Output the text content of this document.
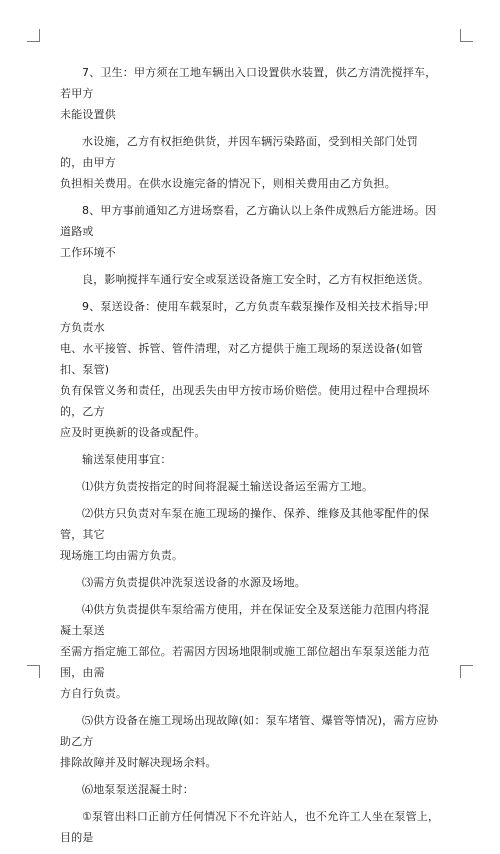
7、卫生：甲方须在工地车辆出入口设置供水装置，供乙方清洗搅拌车，若甲方
未能设置供

水设施，乙方有权拒绝供货，并因车辆污染路面，受到相关部门处罚的，由甲方
负担相关费用。在供水设施完备的情况下，则相关费用由乙方负担。

8、甲方事前通知乙方进场察看，乙方确认以上条件成熟后方能进场。因道路或
工作环境不

良，影响搅拌车通行安全或泵送设备施工安全时，乙方有权拒绝送货。

9、泵送设备：使用车载泵时，乙方负责车载泵操作及相关技术指导;甲方负责水
电、水平接管、拆管、管件清理，对乙方提供于施工现场的泵送设备(如管扣、泵管)
负有保管义务和责任，出现丢失由甲方按市场价赔偿。使用过程中合理损坏的，乙方
应及时更换新的设备或配件。

输送泵使用事宜：

⑴供方负责按指定的时间将混凝土输送设备运至需方工地。

⑵供方只负责对车泵在施工现场的操作、保养、维修及其他零配件的保管，其它
现场施工均由需方负责。

⑶需方负责提供冲洗泵送设备的水源及场地。

⑷供方负责提供车泵给需方使用，并在保证安全及泵送能力范围内将混凝土泵送
至需方指定施工部位。若需因方因场地限制或施工部位超出车泵泵送能力范围，由需
方自行负责。

⑸供方设备在施工现场出现故障(如：泵车堵管、爆管等情况)，需方应协助乙方
排除故障并及时解决现场余料。

⑹地泵泵送混凝土时：

①泵管出料口正前方任何情况下不允许站人，也不允许工人坐在泵管上，目的是
